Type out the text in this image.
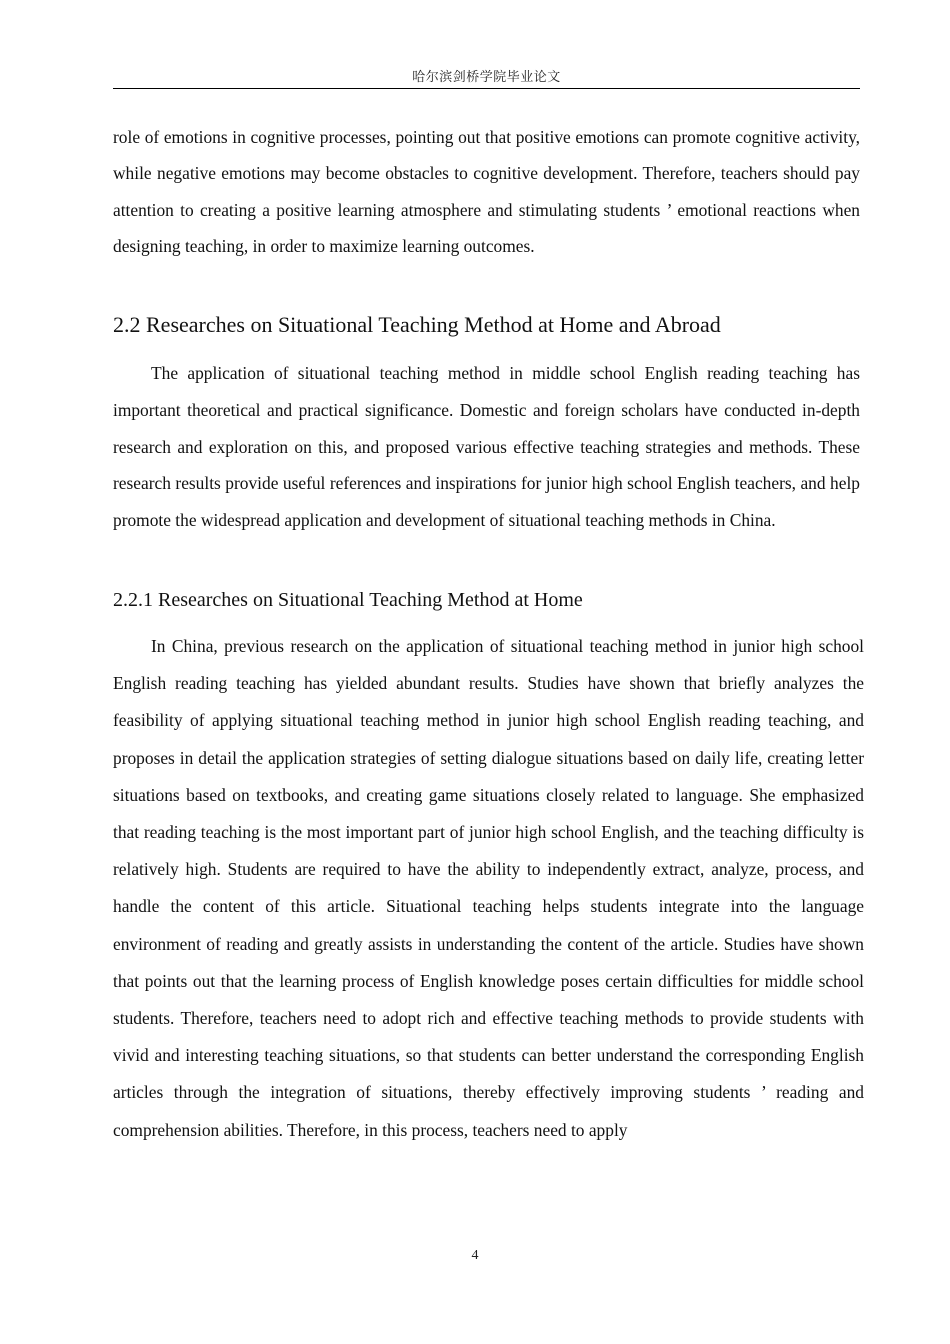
哈尔滨剑桥学院毕业论文

role of emotions in cognitive processes, pointing out that positive emotions can promote cognitive activity, while negative emotions may become obstacles to cognitive development. Therefore, teachers should pay attention to creating a positive learning atmosphere and stimulating students ’ emotional reactions when designing teaching, in order to maximize learning outcomes.

2.2 Researches on Situational Teaching Method at Home and Abroad

The application of situational teaching method in middle school English reading teaching has important theoretical and practical significance. Domestic and foreign scholars have conducted in-depth research and exploration on this, and proposed various effective teaching strategies and methods. These research results provide useful references and inspirations for junior high school English teachers, and help promote the widespread application and development of situational teaching methods in China.

2.2.1 Researches on Situational Teaching Method at Home

In China, previous research on the application of situational teaching method in junior high school English reading teaching has yielded abundant results. Studies have shown that briefly analyzes the feasibility of applying situational teaching method in junior high school English reading teaching, and proposes in detail the application strategies of setting dialogue situations based on daily life, creating letter situations based on textbooks, and creating game situations closely related to language. She emphasized that reading teaching is the most important part of junior high school English, and the teaching difficulty is relatively high. Students are required to have the ability to independently extract, analyze, process, and handle the content of this article. Situational teaching helps students integrate into the language environment of reading and greatly assists in understanding the content of the article. Studies have shown that points out that the learning process of English knowledge poses certain difficulties for middle school students. Therefore, teachers need to adopt rich and effective teaching methods to provide students with vivid and interesting teaching situations, so that students can better understand the corresponding English articles through the integration of situations, thereby effectively improving students ’ reading and comprehension abilities. Therefore, in this process, teachers need to apply

4
